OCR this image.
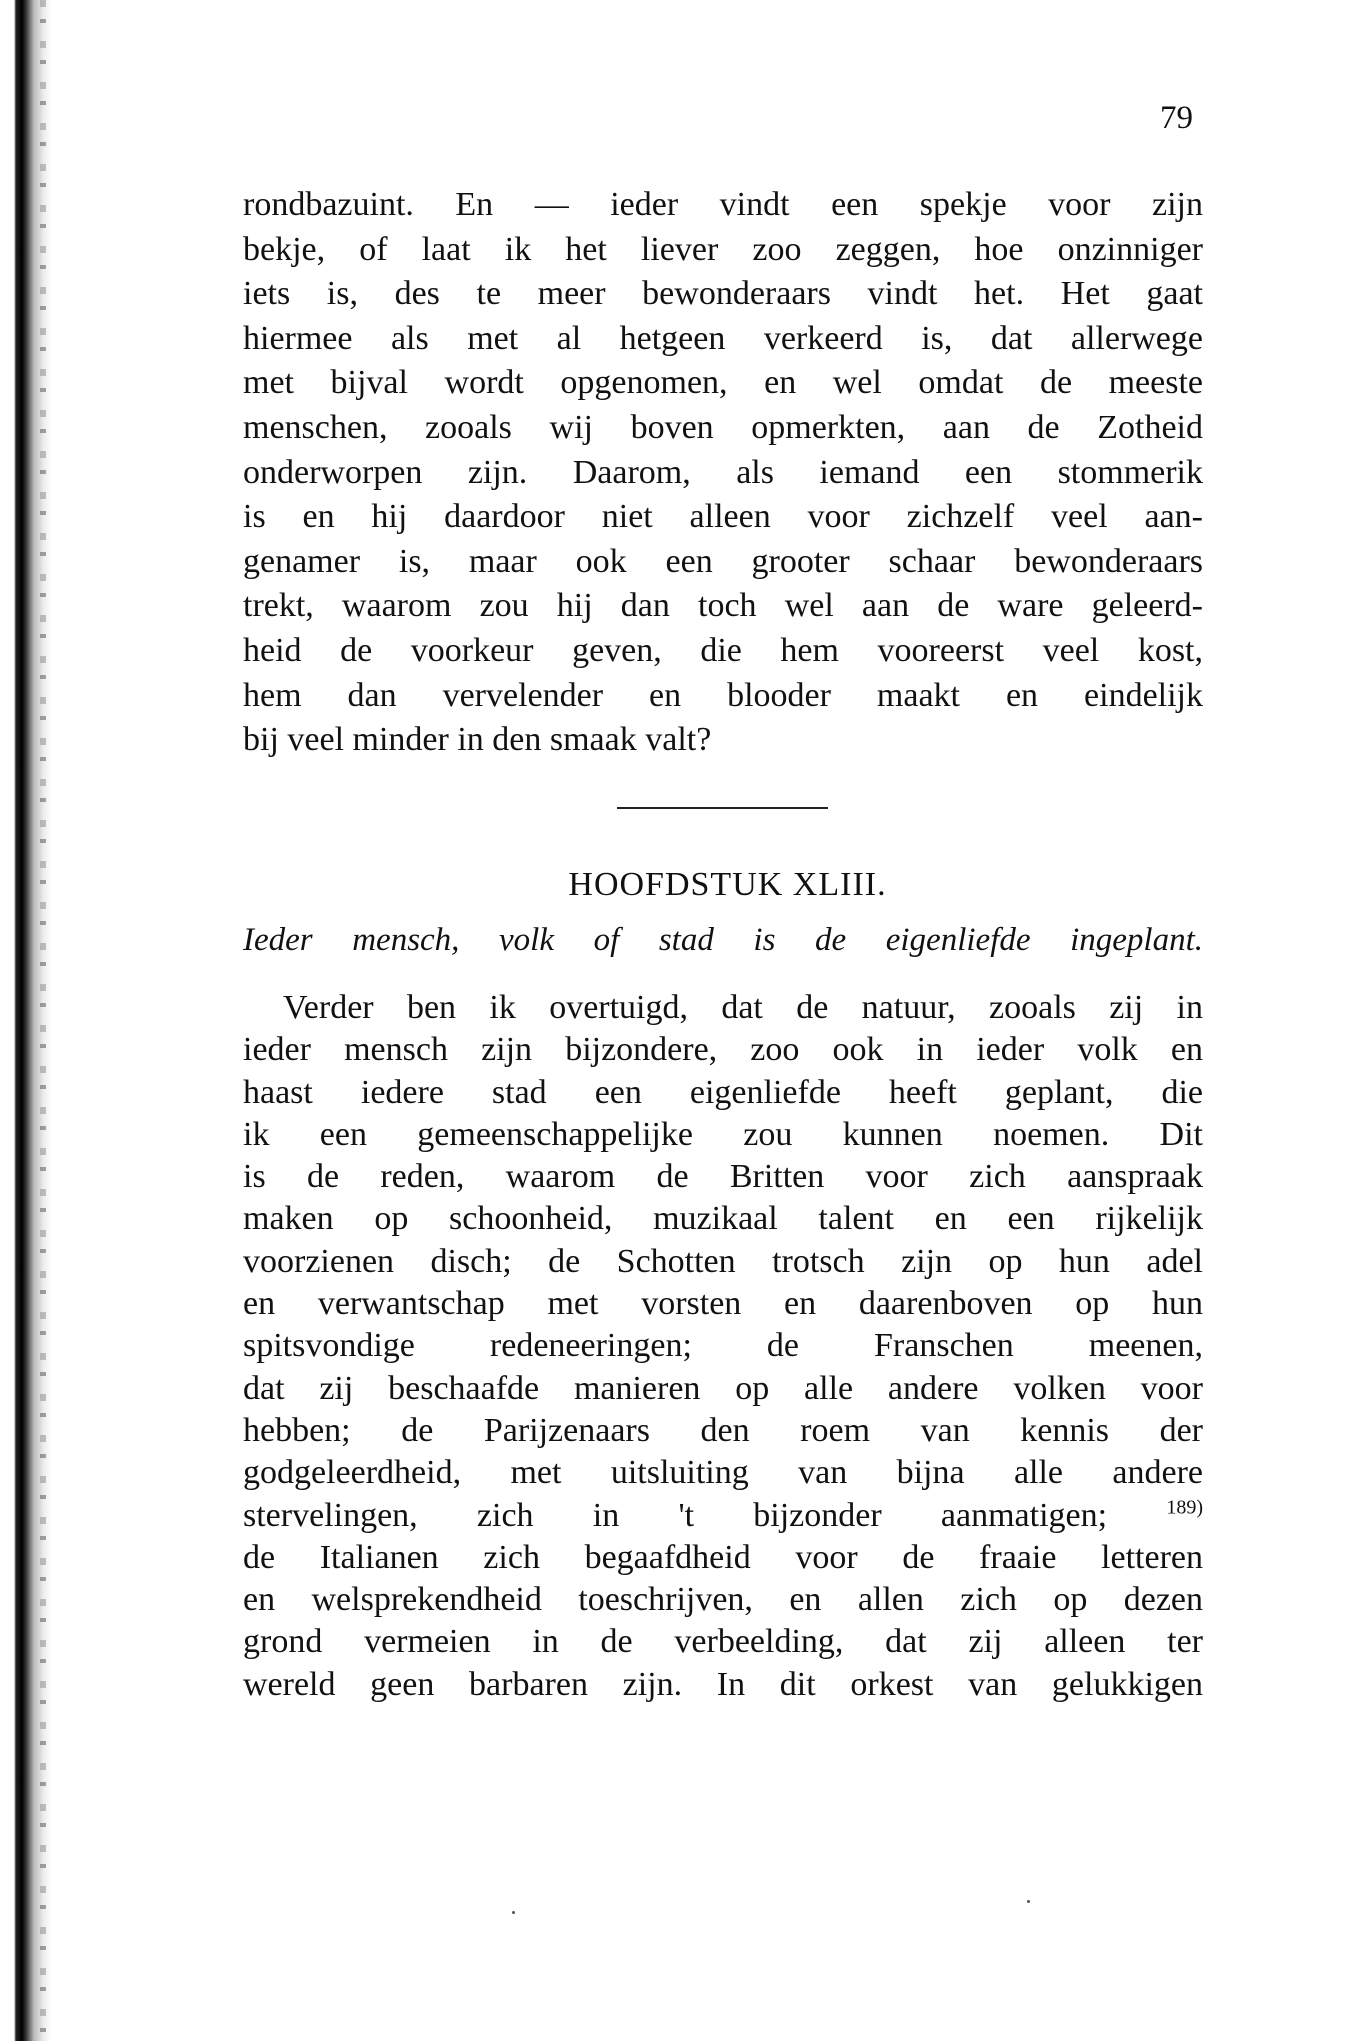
79
rondbazuint. En — ieder vindt een spekje voor zijn
bekje, of laat ik het liever zoo zeggen, hoe onzinniger
iets is, des te meer bewonderaars vindt het. Het gaat
hiermee als met al hetgeen verkeerd is, dat allerwege
met bijval wordt opgenomen, en wel omdat de meeste
menschen, zooals wij boven opmerkten, aan de Zotheid
onderworpen zijn. Daarom, als iemand een stommerik
is en hij daardoor niet alleen voor zichzelf veel aan-
genamer is, maar ook een grooter schaar bewonderaars
trekt, waarom zou hij dan toch wel aan de ware geleerd-
heid de voorkeur geven, die hem vooreerst veel kost,
hem dan vervelender en blooder maakt en eindelijk
bij veel minder in den smaak valt?
HOOFDSTUK XLIII.
Ieder mensch, volk of stad is de eigenliefde ingeplant.
Verder ben ik overtuigd, dat de natuur, zooals zij in
ieder mensch zijn bijzondere, zoo ook in ieder volk en
haast iedere stad een eigenliefde heeft geplant, die
ik een gemeenschappelijke zou kunnen noemen. Dit
is de reden, waarom de Britten voor zich aanspraak
maken op schoonheid, muzikaal talent en een rijkelijk
voorzienen disch; de Schotten trotsch zijn op hun adel
en verwantschap met vorsten en daarenboven op hun
spitsvondige redeneeringen; de Franschen meenen,
dat zij beschaafde manieren op alle andere volken voor
hebben; de Parijzenaars den roem van kennis der
godgeleerdheid, met uitsluiting van bijna alle andere
stervelingen, zich in 't bijzonder aanmatigen;	$^{189)}$
de Italianen zich begaafdheid voor de fraaie letteren
en welsprekendheid toeschrijven, en allen zich op dezen
grond vermeien in de verbeelding, dat zij alleen ter
wereld geen barbaren zijn. In dit orkest van gelukkigen
